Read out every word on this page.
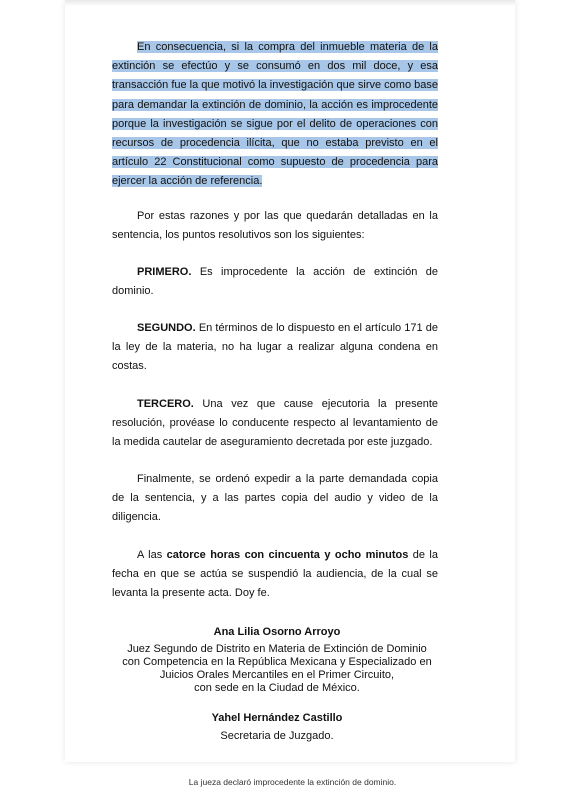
En consecuencia, si la compra del inmueble materia de la extinción se efectúo y se consumó en dos mil doce, y esa transacción fue la que motivó la investigación que sirve como base para demandar la extinción de dominio, la acción es improcedente porque la investigación se sigue por el delito de operaciones con recursos de procedencia ilícita, que no estaba previsto en el artículo 22 Constitucional como supuesto de procedencia para ejercer la acción de referencia.

Por estas razones y por las que quedarán detalladas en la sentencia, los puntos resolutivos son los siguientes:

PRIMERO. Es improcedente la acción de extinción de dominio.

SEGUNDO. En términos de lo dispuesto en el artículo 171 de la ley de la materia, no ha lugar a realizar alguna condena en costas.

TERCERO. Una vez que cause ejecutoria la presente resolución, provéase lo conducente respecto al levantamiento de la medida cautelar de aseguramiento decretada por este juzgado.

Finalmente, se ordenó expedir a la parte demandada copia de la sentencia, y a las partes copia del audio y video de la diligencia.

A las catorce horas con cincuenta y ocho minutos de la fecha en que se actúa se suspendió la audiencia, de la cual se levanta la presente acta. Doy fe.

Ana Lilia Osorno Arroyo
Juez Segundo de Distrito en Materia de Extinción de Dominio
con Competencia en la República Mexicana y Especializado en
Juicios Orales Mercantiles en el Primer Circuito,
con sede en la Ciudad de México.
Yahel Hernández Castillo
Secretaria de Juzgado.
La jueza declaró improcedente la extinción de dominio.
